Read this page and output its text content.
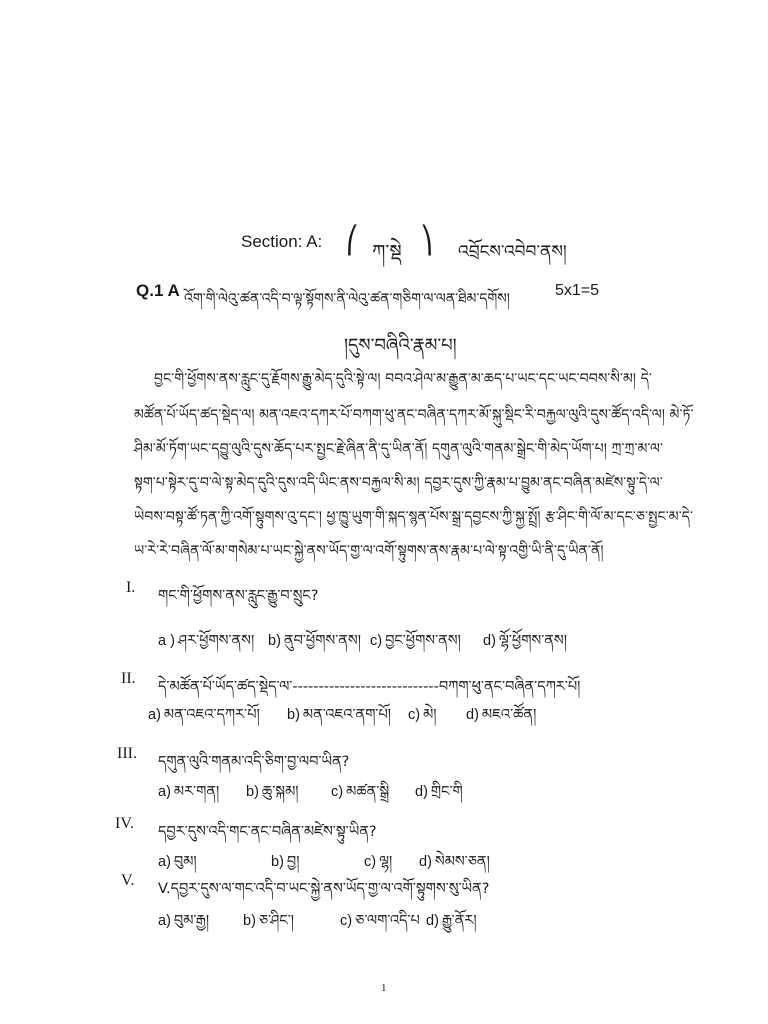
Section: A: ⎛ ཀ་སྡེ ⎞ འབྲོངས་འབེབ་ནས།
Q.1 A འོག་གི་ལེའུ་ཚན་འདི་བ་ལྟ་སྟོགས་ནི་ལེའུ་ཚན་གཅིག་ལ་ལན་ཐིམ་དགོས།	5x1=5
།དུས་བཞིའི་རྣམ་པ།
བྱང་གི་ཕྱོགས་ནས་རླུང་དུ་རྗོགས་རྒྱུ་མེད་དུའི་སྟེ་ལ། བབའ་ཤེལ་མ་རྒྱུན་མ་ཆད་པ་ཡང་དང་ཡང་བབས་སི་མ། དེ་
མཚོན་པོ་ཡོད་ཚད་སྡེད་ལ། མན་འཇའ་དཀར་པོ་བཀག་ཕུ་ནང་བཞིན་དཀར་མོ་སྐུ་སྡིང་རི་བརྐྱལ་ལུའི་དུས་ཚོད་འདི་ལ། མེ་ཏོ་
ཤིམ་མོ་ཏོག་ཡང་དབྱུ་ལུའི་དུས་ཆོད་པར་སྤྱང་རྗེ་ཞིན་ནི་དུ་ཡིན་ནོ། དགུན་ལུའི་གནམ་སྒྲེང་གི་མེད་ཡོག་པ། ཀྲ་ཀྲ་མ་ལ་
སྟག་པ་སྟེར་དུ་བ་ལེ་སྟ་མེད་དུའི་དུས་འདི་ཡིང་ནས་བརྐྱལ་སི་མ། དབྱར་དུས་ཀྱི་རྣམ་པ་བྱུམ་ནང་བཞིན་མཛེས་སྟུ་དེ་ལ་
ཡེབས་བསྟ་ཚོ་ཏན་ཀྱི་འགོ་སྟུགས་འུ་དང་། ཕྱ་ཁྱུ་ཡུག་གི་སྐད་སྙན་པོས་སྒྲ་དབྱངས་ཀྱི་སྐྱ་སྤྲོ། རྩ་ཤིང་གི་ལོ་མ་དང་ཅ་སྤྱང་མ་དེ་
ཡ་རེ་རེ་བཞིན་ལོ་མ་གསེམ་པ་ཡང་སྐྱེ་ནས་ཡོད་གྱ་ལ་འགོ་སྟུགས་ནས་རྣམ་པ་ལེ་སྟ་འགྱི་ཡི་ནི་དུ་ཡིན་ནོ།
I. གང་གི་ཕྱོགས་ནས་རླུང་རྒྱུ་བ་སྲུང?
a ) ཤར་ཕྱོགས་ནས། b) ནུབ་ཕྱོགས་ནས། c) བྱང་ཕྱོགས་ནས། d) ལྷོ་ཕྱོགས་ནས།
II. དེ་མཚོན་པོ་ཡོད་ཚད་སྡེད་ལ་----------------------------བཀག་ཕུ་ནང་བཞིན་དཀར་པོ།
a) མན་འཇའ་དཀར་པོ། b) མན་འཇའ་ནག་པོ། c) མེ། d) མཇའ་ཚོན།
III. དགུན་ལུའི་གནམ་འདི་ཅིག་བྱ་ལབ་ཡིན?
a) མར་གན། b) ཆུ་སྐམ། c) མཚན་སྒྲི d) གྲིང་གི
IV. དབྱར་དུས་འདི་གང་ནང་བཞིན་མཛེས་སྟུ་ཡིན?
a) བུམ།	b) བྱ།	c) ལྷ། d) སེམས་ཅན།
V. V.དབྱར་དུས་ལ་གང་འདི་བ་ཡང་སྐྱེ་ནས་ཡོད་གྱ་ལ་འགོ་སྟུགས་སུ་ཡིན?
a) བུམ་རྒྱ། b) ཅ་ཤིང་།	c) ཅ་ལག་འདི་པ d) རྒྱུ་ནོར།
1
